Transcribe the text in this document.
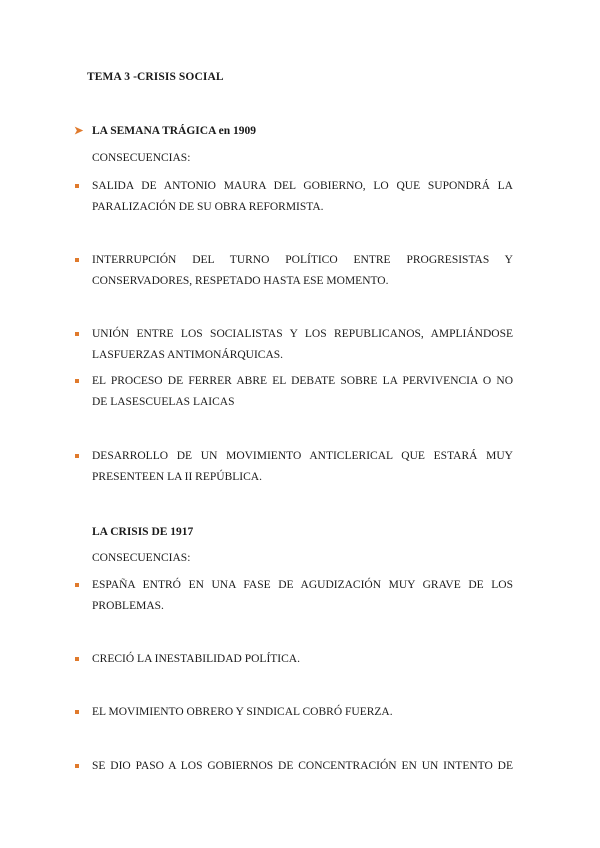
TEMA 3 -CRISIS SOCIAL
➤ LA SEMANA TRÁGICA en 1909
CONSECUENCIAS:
SALIDA DE ANTONIO MAURA DEL GOBIERNO, LO QUE SUPONDRÁ LA
PARALIZACIÓN DE SU OBRA REFORMISTA.
INTERRUPCIÓN DEL TURNO POLÍTICO ENTRE PROGRESISTAS Y
CONSERVADORES, RESPETADO HASTA ESE MOMENTO.
UNIÓN ENTRE LOS SOCIALISTAS Y LOS REPUBLICANOS, AMPLIÁNDOSE
LASFUERZAS ANTIMONÁRQUICAS.
EL PROCESO DE FERRER ABRE EL DEBATE SOBRE LA PERVIVENCIA O NO
DE LASESCUELAS LAICAS
DESARROLLO DE UN MOVIMIENTO ANTICLERICAL QUE ESTARÁ MUY
PRESENTEEN LA II REPÚBLICA.
LA CRISIS DE 1917
CONSECUENCIAS:
ESPAÑA ENTRÓ EN UNA FASE DE AGUDIZACIÓN MUY GRAVE DE LOS
PROBLEMAS.
CRECIÓ LA INESTABILIDAD POLÍTICA.
EL MOVIMIENTO OBRERO Y SINDICAL COBRÓ FUERZA.
SE DIO PASO A LOS GOBIERNOS DE CONCENTRACIÓN EN UN INTENTO DE
